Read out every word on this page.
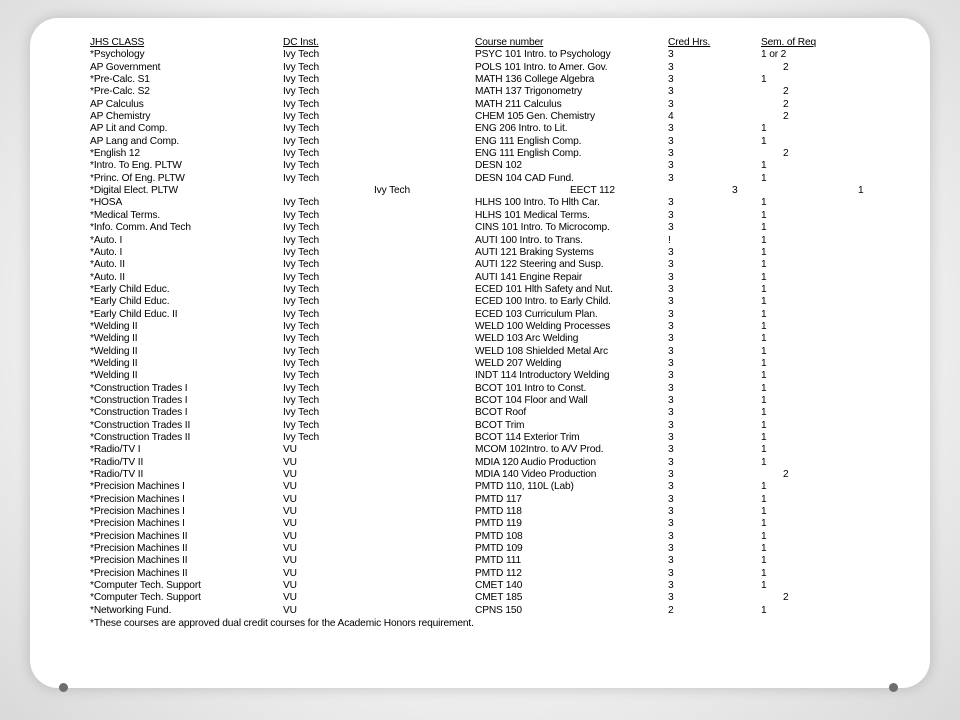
JHS CLASS	DC Inst.	Course number	Cred Hrs.	Sem. of Req
*Psychology	Ivy Tech	PSYC 101 Intro. to Psychology	3	1 or 2
AP Government	Ivy Tech	POLS 101 Intro. to Amer. Gov.	3	2
*Pre-Calc. S1	Ivy Tech	MATH 136 College Algebra	3	1
*Pre-Calc. S2	Ivy Tech	MATH 137 Trigonometry	3	2
AP Calculus	Ivy Tech	MATH 211 Calculus	3	2
AP Chemistry	Ivy Tech	CHEM 105 Gen. Chemistry	4	2
AP Lit and Comp.	Ivy Tech	ENG 206 Intro. to Lit.	3	1
AP Lang and Comp.	Ivy Tech	ENG 111 English Comp.	3	1
*English 12	Ivy Tech	ENG 111 English Comp.	3	2
*Intro. To Eng. PLTW	Ivy Tech	DESN 102	3	1
*Princ. Of Eng. PLTW	Ivy Tech	DESN 104 CAD Fund.	3	1
*Digital Elect. PLTW	Ivy Tech	EECT 112	3	1
*HOSA	Ivy Tech	HLHS 100 Intro. To Hlth Car.	3	1
*Medical Terms.	Ivy Tech	HLHS 101 Medical Terms.	3	1
*Info. Comm. And Tech	Ivy Tech	CINS 101 Intro. To Microcomp.	3	1
*Auto. I	Ivy Tech	AUTI 100 Intro. to Trans.	!	1
*Auto. I	Ivy Tech	AUTI 121 Braking Systems	3	1
*Auto. II	Ivy Tech	AUTI 122 Steering and Susp.	3	1
*Auto. II	Ivy Tech	AUTI 141 Engine Repair	3	1
*Early Child Educ.	Ivy Tech	ECED 101 Hlth Safety and Nut.	3	1
*Early Child Educ.	Ivy Tech	ECED 100 Intro. to Early Child.	3	1
*Early Child Educ. II	Ivy Tech	ECED 103 Curriculum Plan.	3	1
*Welding II	Ivy Tech	WELD 100 Welding Processes	3	1
*Welding II	Ivy Tech	WELD 103 Arc Welding	3	1
*Welding II	Ivy Tech	WELD 108 Shielded Metal Arc	3	1
*Welding II	Ivy Tech	WELD 207 Welding	3	1
*Welding II	Ivy Tech	INDT 114 Introductory Welding	3	1
*Construction Trades I	Ivy Tech	BCOT 101 Intro to Const.	3	1
*Construction Trades I	Ivy Tech	BCOT 104 Floor and Wall	3	1
*Construction Trades I	Ivy Tech	BCOT Roof	3	1
*Construction Trades II	Ivy Tech	BCOT Trim	3	1
*Construction Trades II	Ivy Tech	BCOT 114 Exterior Trim	3	1
*Radio/TV I	VU	MCOM 102Intro. to A/V Prod.	3	1
*Radio/TV II	VU	MDIA 120 Audio Production	3	1
*Radio/TV II	VU	MDIA 140 Video Production	3	2
*Precision Machines I	VU	PMTD 110, 110L (Lab)	3	1
*Precision Machines I	VU	PMTD 117	3	1
*Precision Machines I	VU	PMTD 118	3	1
*Precision Machines I	VU	PMTD 119	3	1
*Precision Machines II	VU	PMTD 108	3	1
*Precision Machines II	VU	PMTD 109	3	1
*Precision Machines II	VU	PMTD 111	3	1
*Precision Machines II	VU	PMTD 112	3	1
*Computer Tech. Support	VU	CMET 140	3	1
*Computer Tech. Support	VU	CMET 185	3	2
*Networking Fund.	VU	CPNS 150	2	1
*These courses are approved dual credit courses for the Academic Honors requirement.
